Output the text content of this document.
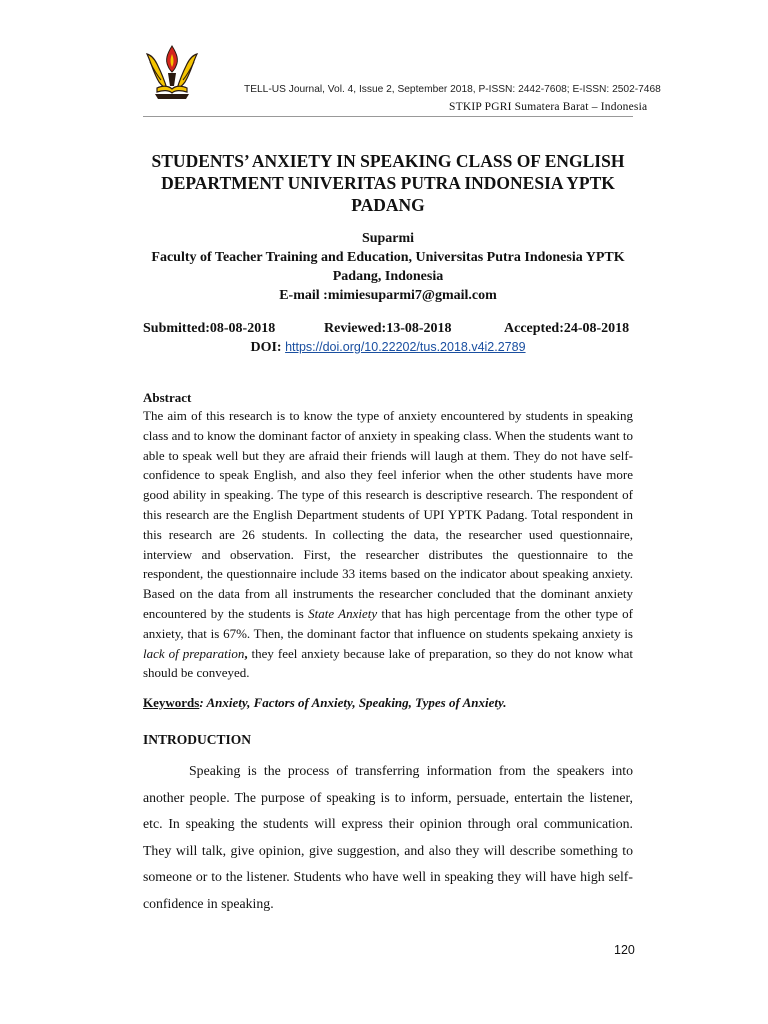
TELL-US Journal, Vol. 4, Issue 2, September 2018, P-ISSN: 2442-7608; E-ISSN: 2502-7468
STKIP PGRI Sumatera Barat – Indonesia
STUDENTS’ ANXIETY IN SPEAKING CLASS OF ENGLISH
DEPARTMENT UNIVERITAS PUTRA INDONESIA YPTK
PADANG
Suparmi
Faculty of Teacher Training and Education, Universitas Putra Indonesia YPTK
Padang, Indonesia
E-mail :mimiesuparmi7@gmail.com
Submitted:08-08-2018	Reviewed:13-08-2018	Accepted:24-08-2018
DOI: https://doi.org/10.22202/tus.2018.v4i2.2789
Abstract
The aim of this research is to know the type of anxiety encountered by students in speaking class and to know the dominant factor of anxiety in speaking class. When the students want to able to speak well but they are afraid their friends will laugh at them. They do not have self-confidence to speak English, and also they feel inferior when the other students have more good ability in speaking. The type of this research is descriptive research. The respondent of this research are the English Department students of UPI YPTK Padang. Total respondent in this research are 26 students. In collecting the data, the researcher used questionnaire, interview and observation. First, the researcher distributes the questionnaire to the respondent, the questionnaire include 33 items based on the indicator about speaking anxiety. Based on the data from all instruments the researcher concluded that the dominant anxiety encountered by the students is State Anxiety that has high percentage from the other type of anxiety, that is 67%. Then, the dominant factor that influence on students spekaing anxiety is lack of preparation, they feel anxiety because lake of preparation, so they do not know what should be conveyed.
Keywords: Anxiety, Factors of Anxiety, Speaking, Types of Anxiety.
INTRODUCTION

Speaking is the process of transferring information from the speakers into another people. The purpose of speaking is to inform, persuade, entertain the listener, etc. In speaking the students will express their opinion through oral communication. They will talk, give opinion, give suggestion, and also they will describe something to someone or to the listener. Students who have well in speaking they will have high self-confidence in speaking.

120
